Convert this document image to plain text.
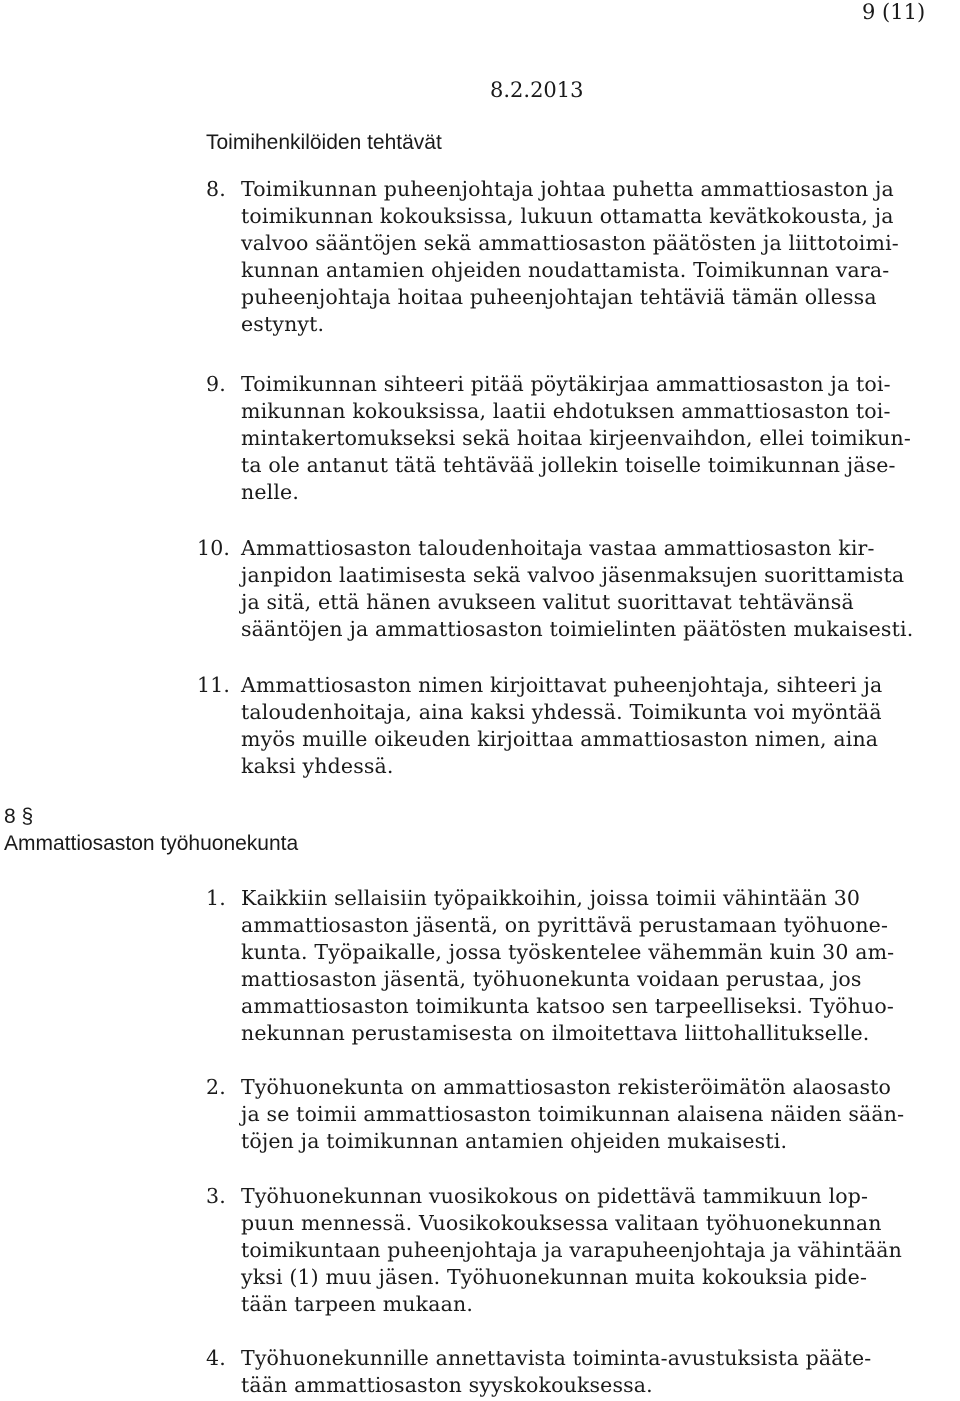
9 (11)
8.2.2013
Toimihenkilöiden tehtävät
8. Toimikunnan puheenjohtaja johtaa puhetta ammattiosaston ja
toimikunnan kokouksissa, lukuun ottamatta kevätkokousta, ja
valvoo sääntöjen sekä ammattiosaston päätösten ja liittotoimi-
kunnan antamien ohjeiden noudattamista. Toimikunnan vara-
puheenjohtaja hoitaa puheenjohtajan tehtäviä tämän ollessa
estynyt.
9. Toimikunnan sihteeri pitää pöytäkirjaa ammattiosaston ja toi-
mikunnan kokouksissa, laatii ehdotuksen ammattiosaston toi-
mintakertomukseksi sekä hoitaa kirjeenvaihdon, ellei toimikun-
ta ole antanut tätä tehtävää jollekin toiselle toimikunnan jäse-
nelle.
10. Ammattiosaston taloudenhoitaja vastaa ammattiosaston kir-
janpidon laatimisesta sekä valvoo jäsenmaksujen suorittamista
ja sitä, että hänen avukseen valitut suorittavat tehtävänsä
sääntöjen ja ammattiosaston toimielinten päätösten mukaisesti.
11. Ammattiosaston nimen kirjoittavat puheenjohtaja, sihteeri ja
taloudenhoitaja, aina kaksi yhdessä. Toimikunta voi myöntää
myös muille oikeuden kirjoittaa ammattiosaston nimen, aina
kaksi yhdessä.
8 §
Ammattiosaston työhuonekunta
1. Kaikkiin sellaisiin työpaikkoihin, joissa toimii vähintään 30
ammattiosaston jäsentä, on pyrittävä perustamaan työhuone-
kunta. Työpaikalle, jossa työskentelee vähemmän kuin 30 am-
mattiosaston jäsentä, työhuonekunta voidaan perustaa, jos
ammattiosaston toimikunta katsoo sen tarpeelliseksi. Työhuo-
nekunnan perustamisesta on ilmoitettava liittohallitukselle.
2. Työhuonekunta on ammattiosaston rekisteröimätön alaosasto
ja se toimii ammattiosaston toimikunnan alaisena näiden sään-
töjen ja toimikunnan antamien ohjeiden mukaisesti.
3. Työhuonekunnan vuosikokous on pidettävä tammikuun lop-
puun mennessä. Vuosikokouksessa valitaan työhuonekunnan
toimikuntaan puheenjohtaja ja varapuheenjohtaja ja vähintään
yksi (1) muu jäsen. Työhuonekunnan muita kokouksia pide-
tään tarpeen mukaan.
4. Työhuonekunnille annettavista toiminta-avustuksista pääte-
tään ammattiosaston syyskokouksessa.
